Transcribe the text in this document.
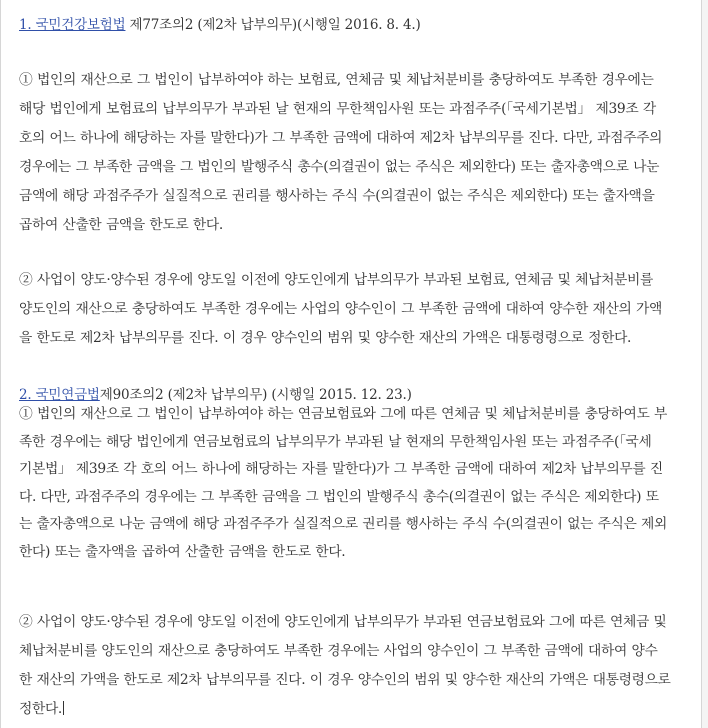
1. 국민건강보험법 제77조의2 (제2차 납부의무)(시행일 2016. 8. 4.)
① 법인의 재산으로 그 법인이 납부하여야 하는 보험료, 연체금 및 체납처분비를 충당하여도 부족한 경우에는
해당 법인에게 보험료의 납부의무가 부과된 날 현재의 무한책임사원 또는 과점주주(「국세기본법」 제39조 각
호의 어느 하나에 해당하는 자를 말한다)가 그 부족한 금액에 대하여 제2차 납부의무를 진다. 다만, 과점주주의
경우에는 그 부족한 금액을 그 법인의 발행주식 총수(의결권이 없는 주식은 제외한다) 또는 출자총액으로 나눈
금액에 해당 과점주주가 실질적으로 권리를 행사하는 주식 수(의결권이 없는 주식은 제외한다) 또는 출자액을
곱하여 산출한 금액을 한도로 한다.
② 사업이 양도·양수된 경우에 양도일 이전에 양도인에게 납부의무가 부과된 보험료, 연체금 및 체납처분비를
양도인의 재산으로 충당하여도 부족한 경우에는 사업의 양수인이 그 부족한 금액에 대하여 양수한 재산의 가액
을 한도로 제2차 납부의무를 진다. 이 경우 양수인의 범위 및 양수한 재산의 가액은 대통령령으로 정한다.
2. 국민연금법제90조의2 (제2차 납부의무) (시행일 2015. 12. 23.)
① 법인의 재산으로 그 법인이 납부하여야 하는 연금보험료와 그에 따른 연체금 및 체납처분비를 충당하여도 부
족한 경우에는 해당 법인에게 연금보험료의 납부의무가 부과된 날 현재의 무한책임사원 또는 과점주주(「국세
기본법」 제39조 각 호의 어느 하나에 해당하는 자를 말한다)가 그 부족한 금액에 대하여 제2차 납부의무를 진
다. 다만, 과점주주의 경우에는 그 부족한 금액을 그 법인의 발행주식 총수(의결권이 없는 주식은 제외한다) 또
는 출자총액으로 나눈 금액에 해당 과점주주가 실질적으로 권리를 행사하는 주식 수(의결권이 없는 주식은 제외
한다) 또는 출자액을 곱하여 산출한 금액을 한도로 한다.
② 사업이 양도·양수된 경우에 양도일 이전에 양도인에게 납부의무가 부과된 연금보험료와 그에 따른 연체금 및
체납처분비를 양도인의 재산으로 충당하여도 부족한 경우에는 사업의 양수인이 그 부족한 금액에 대하여 양수
한 재산의 가액을 한도로 제2차 납부의무를 진다. 이 경우 양수인의 범위 및 양수한 재산의 가액은 대통령령으로
정한다.
